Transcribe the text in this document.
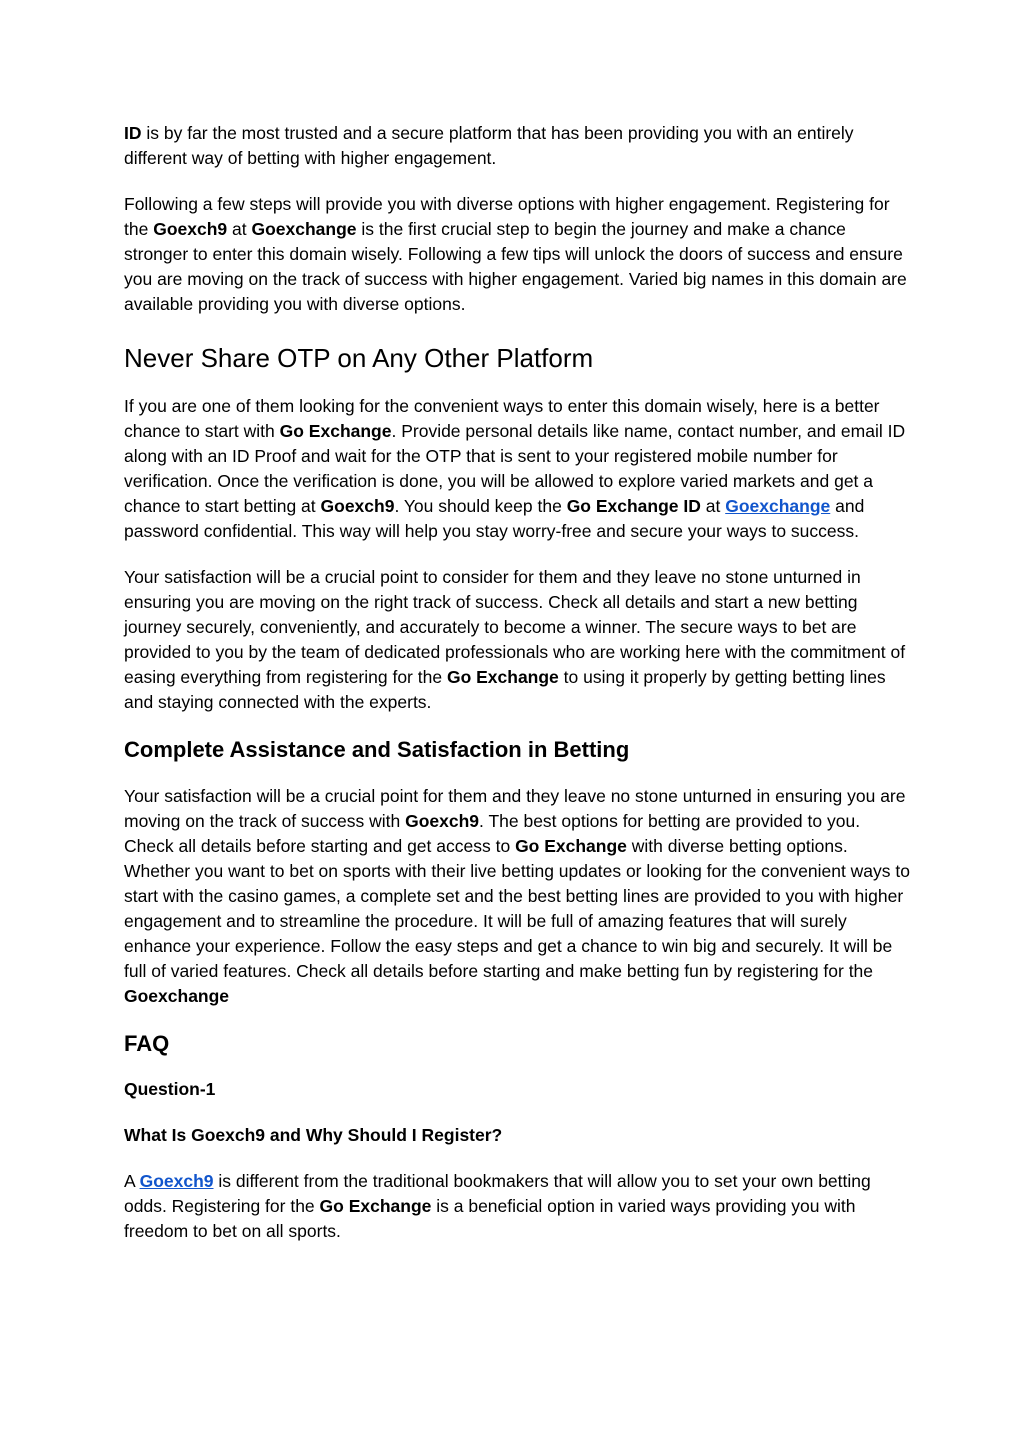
ID is by far the most trusted and a secure platform that has been providing you with an entirely different way of betting with higher engagement.

Following a few steps will provide you with diverse options with higher engagement. Registering for the Goexch9 at Goexchange is the first crucial step to begin the journey and make a chance stronger to enter this domain wisely. Following a few tips will unlock the doors of success and ensure you are moving on the track of success with higher engagement. Varied big names in this domain are available providing you with diverse options.

Never Share OTP on Any Other Platform

If you are one of them looking for the convenient ways to enter this domain wisely, here is a better chance to start with Go Exchange. Provide personal details like name, contact number, and email ID along with an ID Proof and wait for the OTP that is sent to your registered mobile number for verification. Once the verification is done, you will be allowed to explore varied markets and get a chance to start betting at Goexch9. You should keep the Go Exchange ID at Goexchange and password confidential. This way will help you stay worry-free and secure your ways to success.

Your satisfaction will be a crucial point to consider for them and they leave no stone unturned in ensuring you are moving on the right track of success. Check all details and start a new betting journey securely, conveniently, and accurately to become a winner. The secure ways to bet are provided to you by the team of dedicated professionals who are working here with the commitment of easing everything from registering for the Go Exchange to using it properly by getting betting lines and staying connected with the experts.

Complete Assistance and Satisfaction in Betting

Your satisfaction will be a crucial point for them and they leave no stone unturned in ensuring you are moving on the track of success with Goexch9. The best options for betting are provided to you. Check all details before starting and get access to Go Exchange with diverse betting options. Whether you want to bet on sports with their live betting updates or looking for the convenient ways to start with the casino games, a complete set and the best betting lines are provided to you with higher engagement and to streamline the procedure. It will be full of amazing features that will surely enhance your experience. Follow the easy steps and get a chance to win big and securely. It will be full of varied features. Check all details before starting and make betting fun by registering for the Goexchange

FAQ
Question-1
What Is Goexch9 and Why Should I Register?

A Goexch9 is different from the traditional bookmakers that will allow you to set your own betting odds. Registering for the Go Exchange is a beneficial option in varied ways providing you with freedom to bet on all sports.
